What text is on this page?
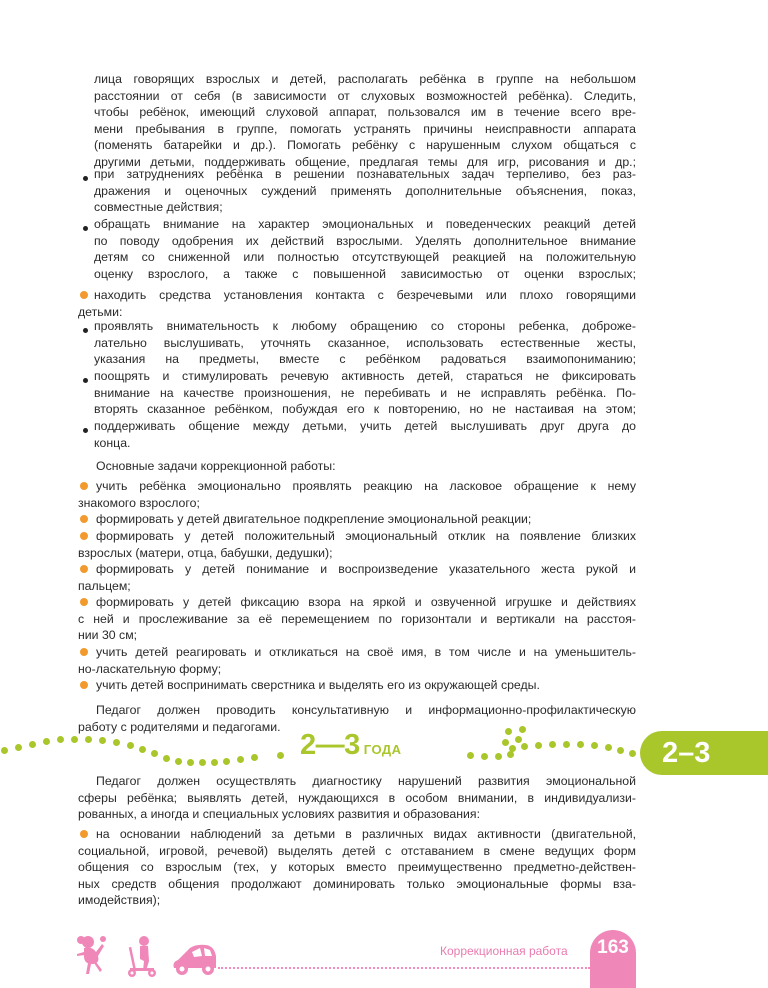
лица говорящих взрослых и детей, располагать ребёнка в группе на небольшом
расстоянии от себя (в зависимости от слуховых возможностей ребёнка). Следить,
чтобы ребёнок, имеющий слуховой аппарат, пользовался им в течение всего вре-
мени пребывания в группе, помогать устранять причины неисправности аппарата
(поменять батарейки и др.). Помогать ребёнку с нарушенным слухом общаться с
другими детьми, поддерживать общение, предлагая темы для игр, рисования и др.;
при затруднениях ребёнка в решении познавательных задач терпеливо, без раз-
дражения и оценочных суждений применять дополнительные объяснения, показ,
совместные действия;
обращать внимание на характер эмоциональных и поведенческих реакций детей
по поводу одобрения их действий взрослыми. Уделять дополнительное внимание
детям со сниженной или полностью отсутствующей реакцией на положительную
оценку взрослого, а также с повышенной зависимостью от оценки взрослых;
находить средства установления контакта с безречевыми или плохо говорящими
детьми:
проявлять внимательность к любому обращению со стороны ребенка, доброже-
лательно выслушивать, уточнять сказанное, использовать естественные жесты,
указания на предметы, вместе с ребёнком радоваться взаимопониманию;
поощрять и стимулировать речевую активность детей, стараться не фиксировать
внимание на качестве произношения, не перебивать и не исправлять ребёнка. По-
вторять сказанное ребёнком, побуждая его к повторению, но не настаивая на этом;
поддерживать общение между детьми, учить детей выслушивать друг друга до
конца.
Основные задачи коррекционной работы:
учить ребёнка эмоционально проявлять реакцию на ласковое обращение к нему
знакомого взрослого;
формировать у детей двигательное подкрепление эмоциональной реакции;
формировать у детей положительный эмоциональный отклик на появление близких
взрослых (матери, отца, бабушки, дедушки);
формировать у детей понимание и воспроизведение указательного жеста рукой и
пальцем;
формировать у детей фиксацию взора на яркой и озвученной игрушке и действиях
с ней и прослеживание за её перемещением по горизонтали и вертикали на расстоя-
нии 30 см;
учить детей реагировать и откликаться на своё имя, в том числе и на уменьшитель-
но-ласкательную форму;
учить детей воспринимать сверстника и выделять его из окружающей среды.
Педагог должен проводить консультативную и информационно-профилактическую
работу с родителями и педагогами.
2—3 ГОДА	2–3
Педагог должен осуществлять диагностику нарушений развития эмоциональной
сферы ребёнка; выявлять детей, нуждающихся в особом внимании, в индивидуализи-
рованных, а иногда и специальных условиях развития и образования:
на основании наблюдений за детьми в различных видах активности (двигательной,
социальной, игровой, речевой) выделять детей с отставанием в смене ведущих форм
общения со взрослым (тех, у которых вместо преимущественно предметно-действен-
ных средств общения продолжают доминировать только эмоциональные формы вза-
имодействия);
Коррекционная работа	163
